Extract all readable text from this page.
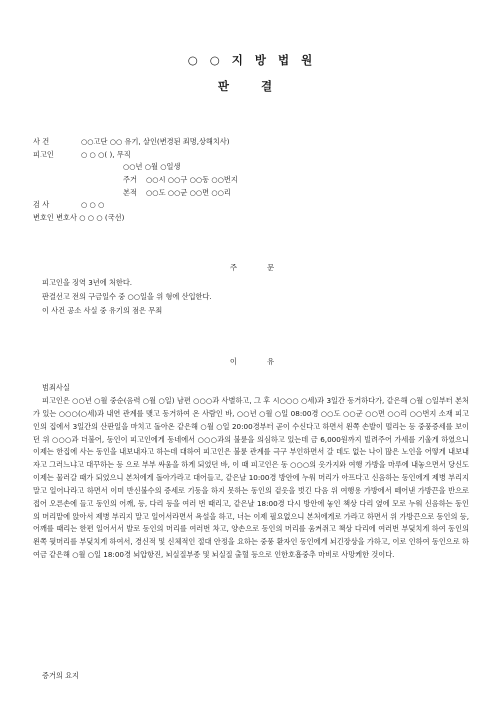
○ ○ 지 방 법 원
판 결
사 건	○○고단 ○○ 유기, 살인(변경된 죄명,상해치사)
피고인	○ ○ ○( ), 무직
○○년 ○월 ○일생
주거 ○○시 ○○구 ○○동 ○○번지
본적 ○○도 ○○군 ○○면 ○○리
검 사	○ ○ ○
변호인 변호사 ○ ○ ○ (국선)
주문
피고인을 징역 3년에 처한다.
판결선고 전의 구금일수 중 ○○일을 위 형에 산입한다.
이 사건 공소 사실 중 유기의 점은 무죄
이유
범죄사실
피고인은 ○○년 ○월 중순(음력 ○월 ○일) 남편 ○○○과 사별하고, 그 후 시○○○ ○세)과 3일간 동거하다가, 같은해 ○월 ○일부터 본처가 있는 ○○○(○세)과 내연 관계를 맺고 동거하여 온 사람인 바, ○○년 ○월 ○일 08:00경 ○○도 ○○군 ○○면 ○○리 ○○번지 소재 피고인의 집에서 3일간의 산판일을 마치고 돌아온 같은해 ○월 ○일 20:00경부터 곧이 수신다고 하면서 왼쪽 손발이 떨리는 등 중풍증세를 보이던 위 ○○○과 더불어, 동인이 피고인에게 동네에서 ○○○과의 불륜을 의심하고 있는데 금 6,000원까지 빌려주어 가세를 기울게 하였으니 이제는 한집에 사는 동인을 내보내자고 하는데 대하여 피고인은 불륜 관계를 극구 부인하면서 갈 데도 없는 나이 많은 노인을 어떻게 내보내자고 그러느냐고 대꾸하는 등 으로 부부 싸움을 하게 되었던 바, 이 때 피고인은 동 ○○○의 옷가지와 여행 가방을 마루에 내놓으면서 당신도 이제는 물러갈 때가 되었으니 본처에게 돌아가라고 대어들고, 같은날 10:00경 방안에 누워 머리가 아프다고 신음하는 동인에게 제병 부리지 말고 일어나라고 하면서 이미 반신불수의 증세로 기동을 하지 못하는 동인의 겉옷을 벗긴 다음 위 여행용 가방에서 떼어낸 가방끈을 반으로 접어 오른손에 들고 동인의 어깨, 등, 다리 등을 여러 번 때리고, 같은날 18:00경 다시 방안에 놓인 책상 다리 옆에 모로 누워 신음하는 동인의 머리맡에 앉아서 제병 부리지 말고 일어서라면서 욕설을 하고, 너는 이제 필요없으니 본처에게로 가라고 하면서 위 가방끈으로 동인의 등, 어깨를 때리는 한편 일어서서 발로 동인의 머리를 여러번 차고, 양손으로 동인의 머리를 움켜쥐고 책상 다리에 여러번 부딪치게 하여 동인의 왼쪽 뒷머리를 부딪치게 하여서, 경신적 및 신체적인 절대 안정을 요하는 중풍 환자인 동인에게 뇌긴장상을 가하고, 이로 인하여 동인으로 하여금 같은해 ○월 ○일 18:00경 뇌압항진, 뇌실질부종 및 뇌실질 출혈 등으로 인한호흡중추 마비로 사망케한 것이다.
증거의 요지
